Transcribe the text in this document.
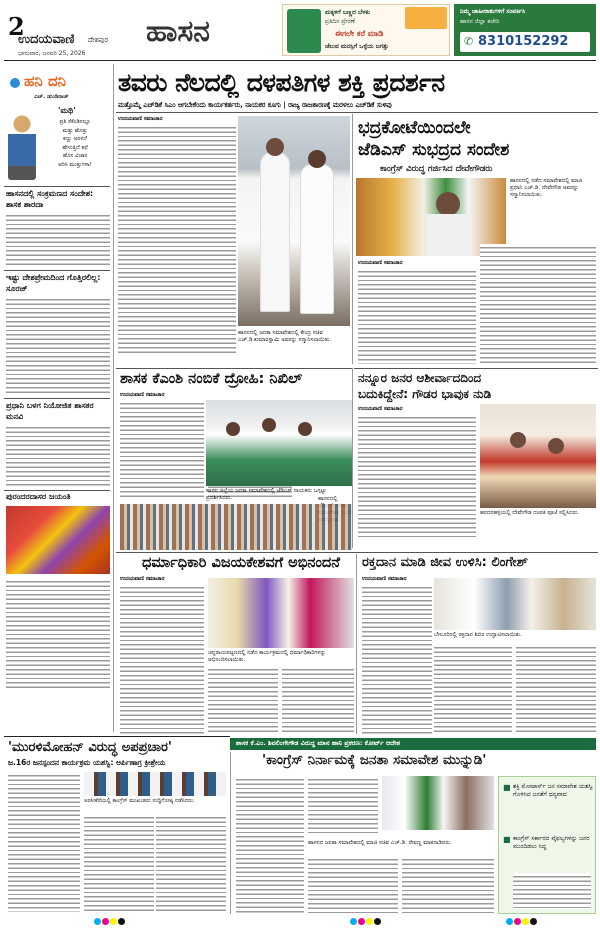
2
ಉದಯವಾಣಿ ದೇಶಪುರ
ಭಾನುವಾರ, ಜನವರಿ 25, 2026
ಹಾಸನ
ಮಕ್ಕಳಿಗೆ ಬಣ್ಣದ ಬೆಳಕು
ಪ್ರತಿದಿನ ಪ್ರೇರಣೆ
ಈಗಲೇ ಕರೆ ಮಾಡಿ
ಚೆಲುವ ಮನಸ್ಸಿಗೆ ಒಳ್ಳೆಯ ಜಗತ್ತು
ನಿಮ್ಮ ಜಾಹೀರಾತುಗಳಿಗೆ ಸಂಪರ್ಕಿಸಿ
ಹಾಸನ ಜಿಲ್ಲಾ ಕಚೇರಿ
✆ 8310152292
ಹನಿ ದನಿ
ಎಚ್. ಡುಂಡಿರಾಜ್
'ಮಥಿ'
ಪ್ರತಿ ಸೆಕೆಂಡಿನಲ್ಲೂ
ಮತ್ತು ಹೊತ್ತು
ಕಣ್ಣು ಅರಳಿದೆ
ಹೇಳುತ್ತಿದೆ ಕಥೆ
ಹೊಸ ವಿಚಾರ
ಆರಿಸಿ ಮುತ್ತುಗಳಾ!
ಹಾಸನದಲ್ಲಿ ಸಂಕ್ರಮಣದ ಸಂದೇಶ: ಶಾಸಕ ಶಾರದಾ
ಇಷ್ಟು ದೇಶಪ್ರೇಮದಿಂದ ಗೊತ್ತಿರಲಿಲ್ಲ: ಸೂರಜ್
ಪ್ರಧಾನಿ ಬಳಗ ನಿಯೋಜಿತ ಶಾಸಕರ ಮನವಿ
ಪುರಂದರದಾಸರ ಜಯಂತಿ
ತವರು ನೆಲದಲ್ಲಿ ದಳಪತಿಗಳ ಶಕ್ತಿ ಪ್ರದರ್ಶನ
ಮತ್ತೊಮ್ಮೆ ಎಚ್‌ಡಿಕೆ ಸಿಎಂ ಆಗಬೇಕೆಂದು ಕಾರ್ಯಕರ್ತರು, ನಾಯಕರ ಕೂಗು | ರಾಜ್ಯ ರಾಜಕಾರಣಕ್ಕೆ ಮರಳಲು ಎಚ್‌ಡಿಕೆ ಸುಳಿವು
ಉದಯವಾಣಿ ಸಮಾಚಾರ
ಹಾಸನದಲ್ಲಿ ಜನತಾ ಸಮಾವೇಶದಲ್ಲಿ ಕೇಂದ್ರ ಸಚಿವ ಎಚ್.ಡಿ.ಕುಮಾರಸ್ವಾಮಿ ಅವರನ್ನು ಸನ್ಮಾನಿಸಲಾಯಿತು.
ಭದ್ರಕೋಟೆಯಿಂದಲೇ
ಜೆಡಿಎಸ್ ಸುಭದ್ರದ ಸಂದೇಶ
ಕಾಂಗ್ರೆಸ್ ವಿರುದ್ಧ ಗರ್ಜಿಸಿದ ದೇವೇಗೌಡರು
ಹಾಸನದಲ್ಲಿ ನಡೆದ ಸಮಾವೇಶದಲ್ಲಿ ಮಾಜಿ ಪ್ರಧಾನಿ ಎಚ್.ಡಿ. ದೇವೇಗೌಡ ಅವರನ್ನು ಸನ್ಮಾನಿಸಲಾಯಿತು.
ಉದಯವಾಣಿ ಸಮಾಚಾರ
ಶಾಸಕ ಕೆಎಂಶಿ ನಂಬಿಕೆ ದ್ರೋಹಿ: ನಿಖಿಲ್
ಉದಯವಾಣಿ ಸಮಾಚಾರ
ಹಾಸನ ಜಿಲ್ಲೆಯ ಜನತಾ ಸಮಾವೇಶದಲ್ಲಿ ಜೆಡಿಎಸ್ ನಾಯಕರು ಒಗ್ಗಟ್ಟು ಪ್ರದರ್ಶಿಸಿದರು.	ಹಾಸನದಲ್ಲಿ
ನನ್ನೂರ ಜನರ ಆಶೀರ್ವಾದದಿಂದ
ಬದುಕಿದ್ದೇನೆ: ಗೌಡರ ಭಾವುಕ ನುಡಿ
ಉದಯವಾಣಿ ಸಮಾಚಾರ
ಹರದನಹಳ್ಳಿಯಲ್ಲಿ ದೇವೇಗೌಡ ದಂಪತಿ ಪೂಜೆ ಸಲ್ಲಿಸಿದರು.
ಧರ್ಮಾಧಿಕಾರಿ ವಿಜಯಕೇಶವಗೆ ಅಭಿನಂದನೆ
ಉದಯವಾಣಿ ಸಮಾಚಾರ
ಚನ್ನರಾಯಪಟ್ಟಣದಲ್ಲಿ ನಡೆದ ಕಾರ್ಯಕ್ರಮದಲ್ಲಿ ಧರ್ಮಾಧಿಕಾರಿಗಳನ್ನು ಅಭಿನಂದಿಸಲಾಯಿತು.
ರಕ್ತದಾನ ಮಾಡಿ ಜೀವ ಉಳಿಸಿ: ಲಿಂಗೇಶ್
ಉದಯವಾಣಿ ಸಮಾಚಾರ
ಬೇಲೂರಿನಲ್ಲಿ ರಕ್ತದಾನ ಶಿಬಿರ ಉದ್ಘಾಟಿಸಲಾಯಿತು.
ಶಾಸಕ ಕೆ.ಎಂ. ಶಿವಲಿಂಗೇಗೌಡ ವಿರುದ್ಧ ಮಾನ ಹಾನಿ ಪ್ರಕರಣ: ಕೋರ್ಟ್ ಆದೇಶ
'ಮುರಳಿಮೋಹನ್ ವಿರುದ್ಧ ಅಪಪ್ರಚಾರ'
ಜ.16ರ ಜನಸ್ಪಂದನ ಕಾರ್ಯಕ್ರಮ ಯಶಸ್ವಿ: ಅರ್ಪಿಣಾಗ್ರ ಕ್ರೀಶ್ರೇಯ
ಅರಸೀಕೆರೆಯಲ್ಲಿ ಕಾಂಗ್ರೆಸ್ ಮುಖಂಡರು ಸುದ್ದಿಗೋಷ್ಠಿ ನಡೆಸಿದರು.
'ಕಾಂಗ್ರೆಸ್ ನಿರ್ನಾಮಕ್ಕೆ ಜನತಾ ಸಮಾವೇಶ ಮುನ್ನುಡಿ'
ಹಾಸನದ ಜನತಾ ಸಮಾವೇಶದಲ್ಲಿ ಮಾಜಿ ಸಚಿವ ಎಚ್.ಡಿ. ರೇವಣ್ಣ ಮಾತನಾಡಿದರು.
■ ಶಕ್ತಿ ಮೋಟಾರ್ಸ್ ಜನ ಸಮಾವೇಶ ಯಶಸ್ವಿ ಗೊಳಿಸಿದ ಜನತೆಗೆ ಧನ್ಯವಾದ
■ ಕಾಂಗ್ರೆಸ್ ಸರ್ಕಾರದ ವೈಫಲ್ಯಗಳನ್ನು ಜನರ ಮುಂದಿಡಲು ಸಿದ್ಧ
